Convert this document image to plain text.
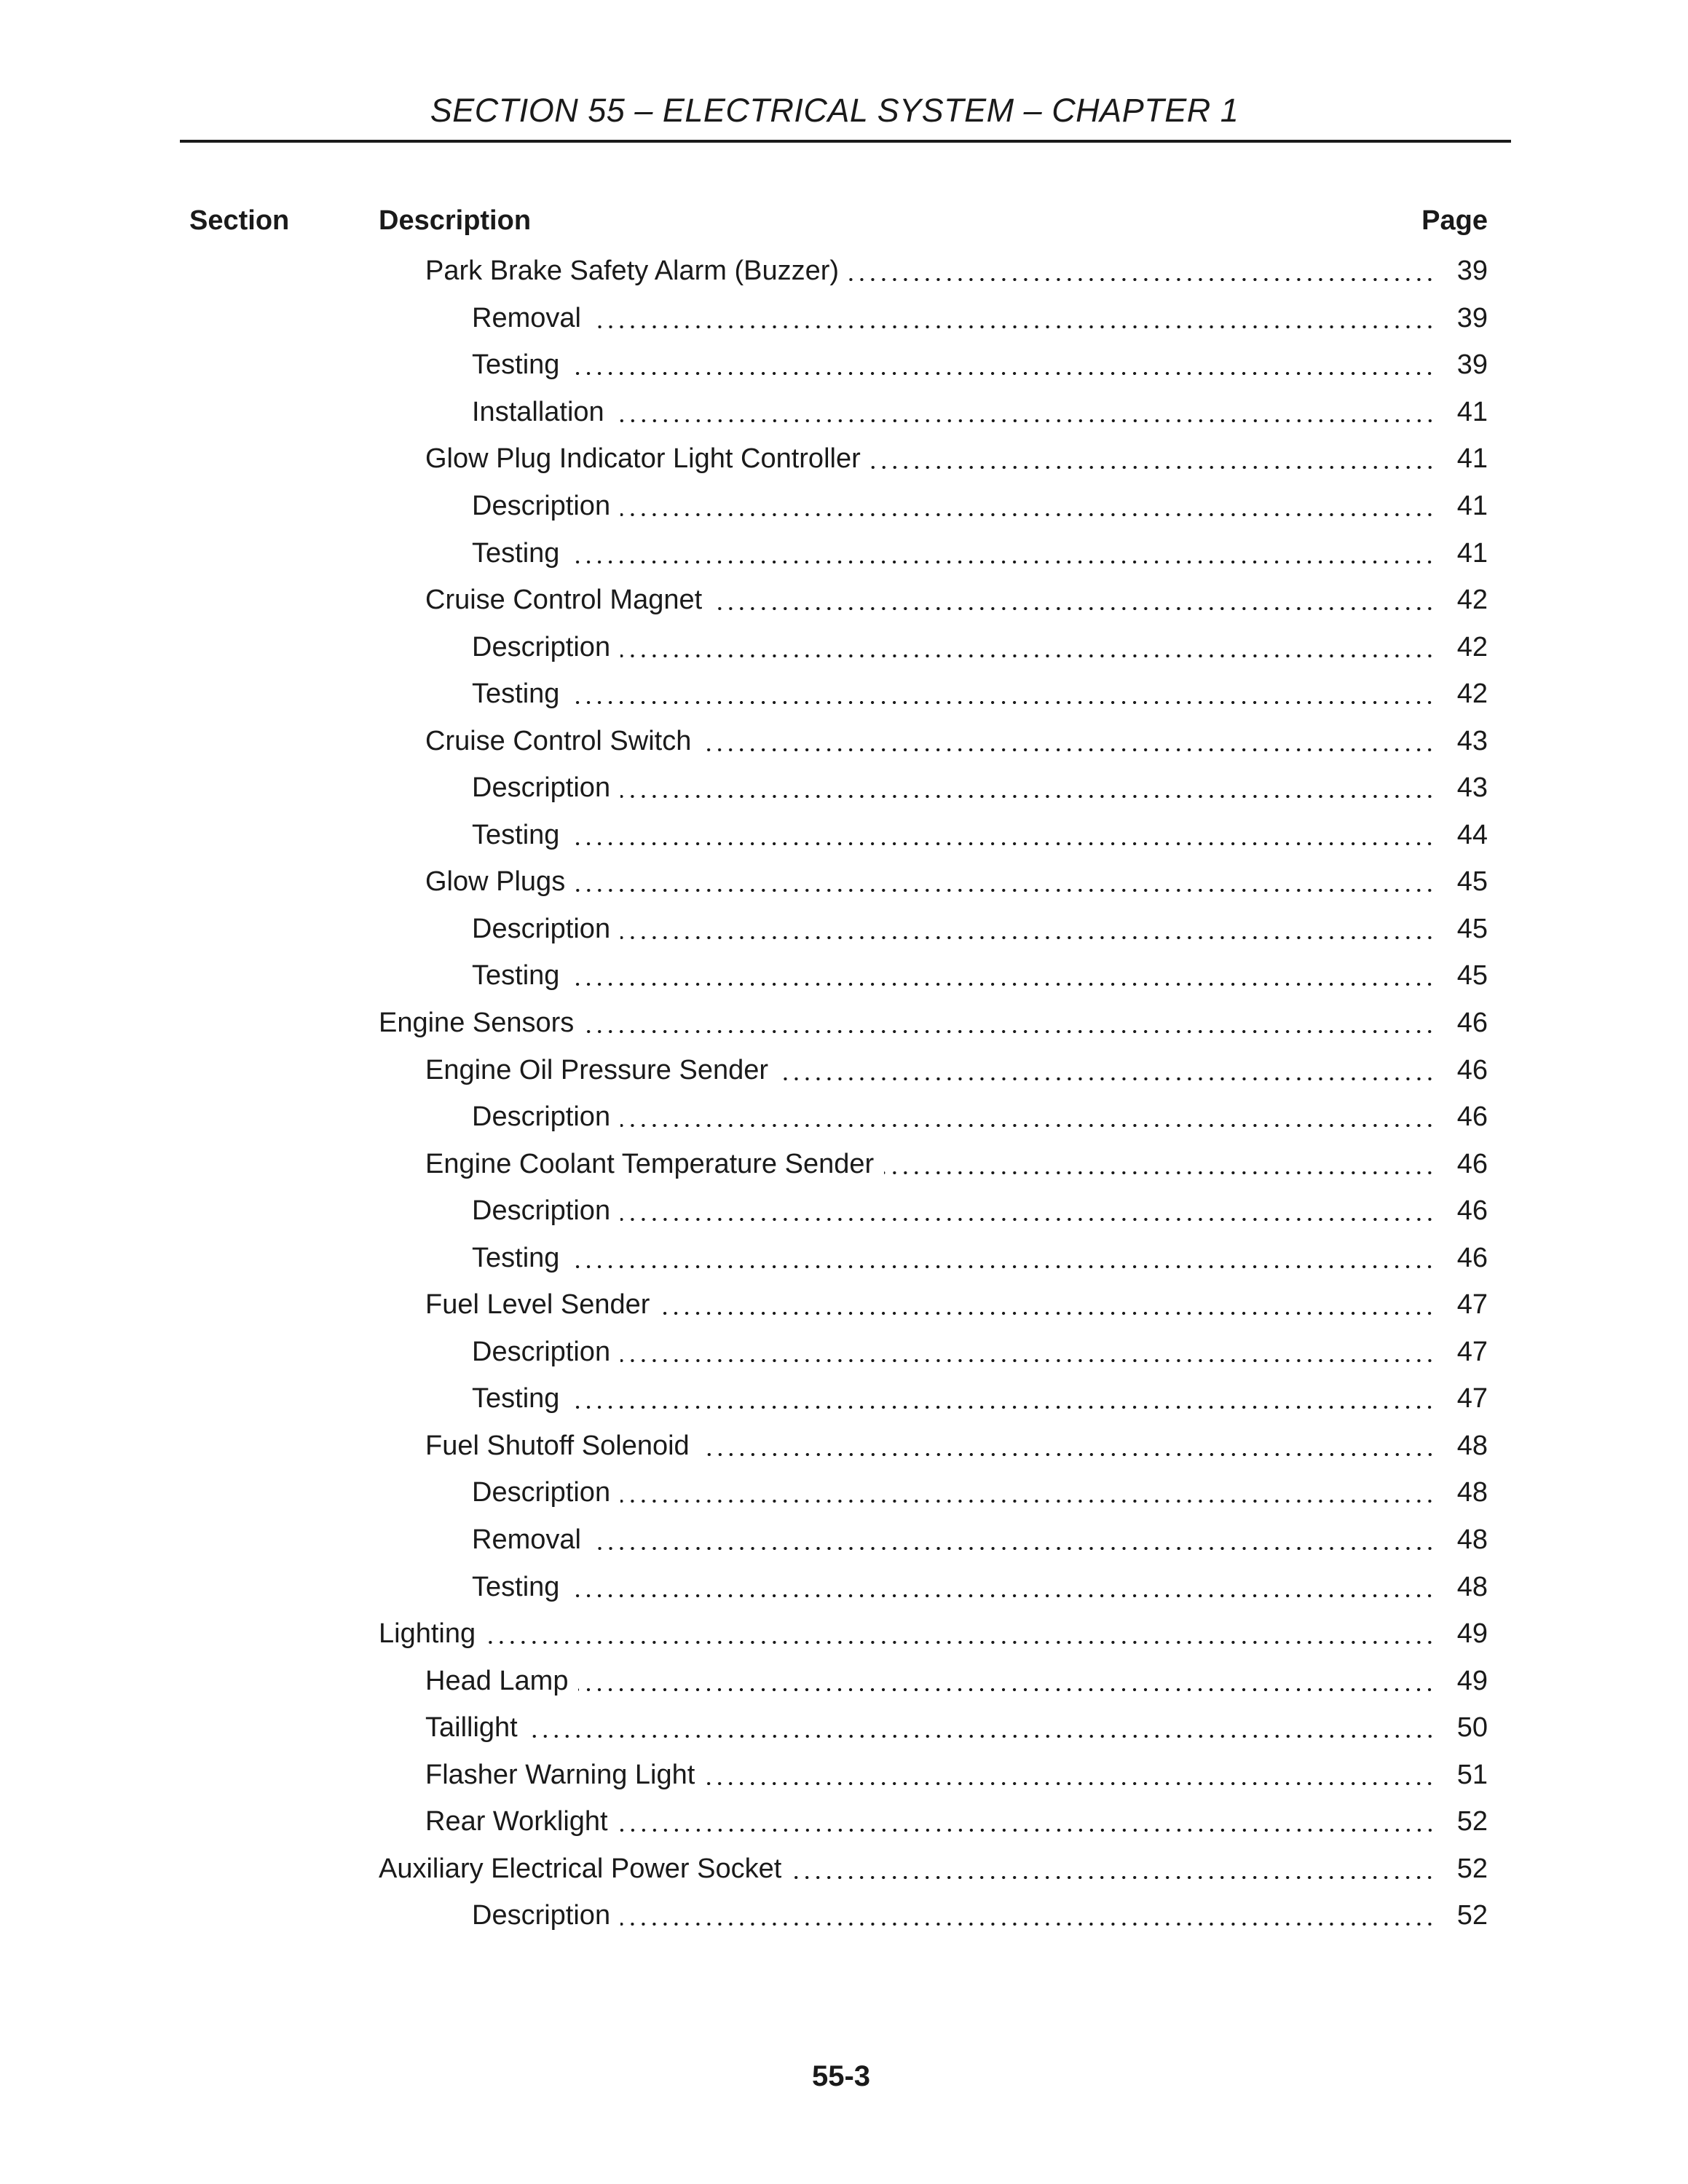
SECTION 55 – ELECTRICAL SYSTEM – CHAPTER 1
Section	Description	Page
Park Brake Safety Alarm (Buzzer)	39
Removal	39
Testing	39
Installation	41
Glow Plug Indicator Light Controller	41
Description	41
Testing	41
Cruise Control Magnet	42
Description	42
Testing	42
Cruise Control Switch	43
Description	43
Testing	44
Glow Plugs	45
Description	45
Testing	45
Engine Sensors	46
Engine Oil Pressure Sender	46
Description	46
Engine Coolant Temperature Sender	46
Description	46
Testing	46
Fuel Level Sender	47
Description	47
Testing	47
Fuel Shutoff Solenoid	48
Description	48
Removal	48
Testing	48
Lighting	49
Head Lamp	49
Taillight	50
Flasher Warning Light	51
Rear Worklight	52
Auxiliary Electrical Power Socket	52
Description	52
55-3
